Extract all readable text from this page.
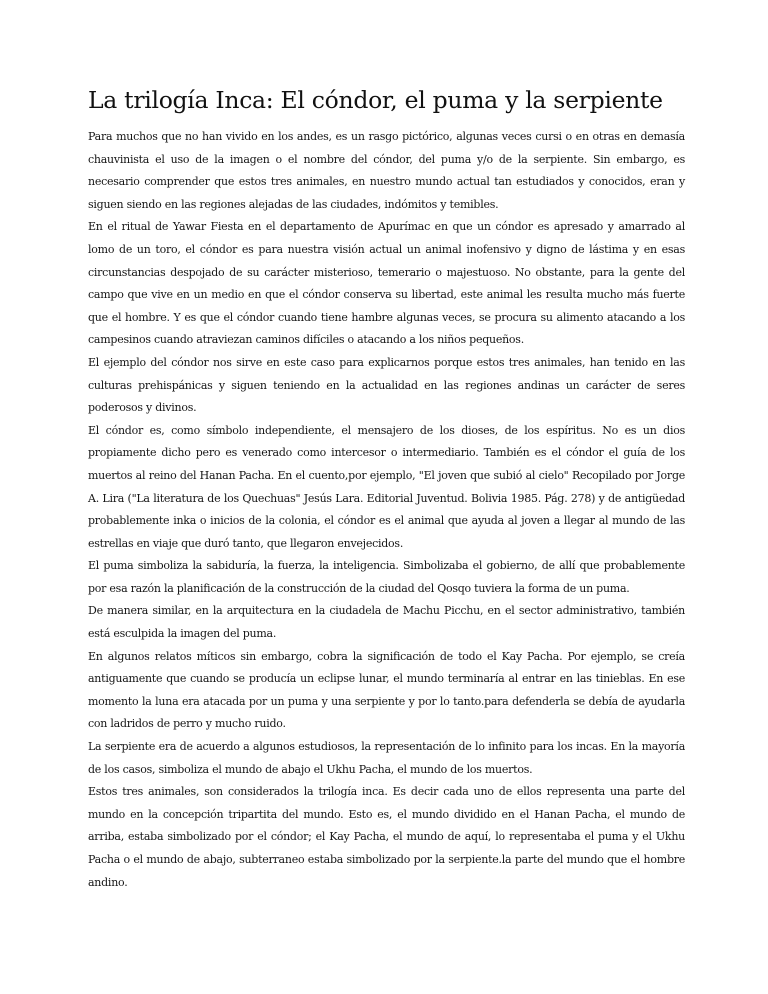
La trilogía Inca: El cóndor, el puma y la serpiente

Para muchos que no han vivido en los andes, es un rasgo pictórico, algunas veces cursi o en otras en demasía chauvinista el uso de la imagen o el nombre del cóndor, del puma y/o de la serpiente. Sin embargo, es necesario comprender que estos tres animales, en nuestro mundo actual tan estudiados y conocidos, eran y siguen siendo en las regiones alejadas de las ciudades, indómitos y temibles.

En el ritual de Yawar Fiesta en el departamento de Apurímac en que un cóndor es apresado y amarrado al lomo de un toro, el cóndor es para nuestra visión actual un animal inofensivo y digno de lástima y en esas circunstancias despojado de su carácter misterioso, temerario o majestuoso. No obstante, para la gente del campo que vive en un medio en que el cóndor conserva su libertad, este animal les resulta mucho más fuerte que el hombre. Y es que el cóndor cuando tiene hambre algunas veces, se procura su alimento atacando a los campesinos cuando atraviezan caminos difíciles o atacando a los niños pequeños.

El ejemplo del cóndor nos sirve en este caso para explicarnos porque estos tres animales, han tenido en las culturas prehispánicas y siguen teniendo en la actualidad en las regiones andinas un carácter de seres poderosos y divinos.

El cóndor es, como símbolo independiente, el mensajero de los dioses, de los espíritus. No es un dios propiamente dicho pero es venerado como intercesor o intermediario. También es el cóndor el guía de los muertos al reino del Hanan Pacha. En el cuento,por ejemplo, "El joven que subió al cielo" Recopilado por Jorge A. Lira ("La literatura de los Quechuas" Jesús Lara. Editorial Juventud. Bolivia 1985. Pág. 278) y de antigüedad probablemente inka o inicios de la colonia, el cóndor es el animal que ayuda al joven a llegar al mundo de las estrellas en viaje que duró tanto, que llegaron envejecidos.

El puma simboliza la sabiduría, la fuerza, la inteligencia. Simbolizaba el gobierno, de allí que probablemente por esa razón la planificación de la construcción de la ciudad del Qosqo tuviera la forma de un puma.

De manera similar, en la arquitectura en la ciudadela de Machu Picchu, en el sector administrativo, también está esculpida la imagen del puma.

En algunos relatos míticos sin embargo, cobra la significación de todo el Kay Pacha. Por ejemplo, se creía antiguamente que cuando se producía un eclipse lunar, el mundo terminaría al entrar en las tinieblas. En ese momento la luna era atacada por un puma y una serpiente y por lo tanto.para defenderla se debía de ayudarla con ladridos de perro y mucho ruido.

La serpiente era de acuerdo a algunos estudiosos, la representación de lo infinito para los incas. En la mayoría de los casos, simboliza el mundo de abajo el Ukhu Pacha, el mundo de los muertos.

Estos tres animales, son considerados la trilogía inca. Es decir cada uno de ellos representa una parte del mundo en la concepción tripartita del mundo. Esto es, el mundo dividido en el Hanan Pacha, el mundo de arriba, estaba simbolizado por el cóndor; el Kay Pacha, el mundo de aquí, lo representaba el puma y el Ukhu Pacha o el mundo de abajo, subterraneo estaba simbolizado por la serpiente.la parte del mundo que el hombre andino.
